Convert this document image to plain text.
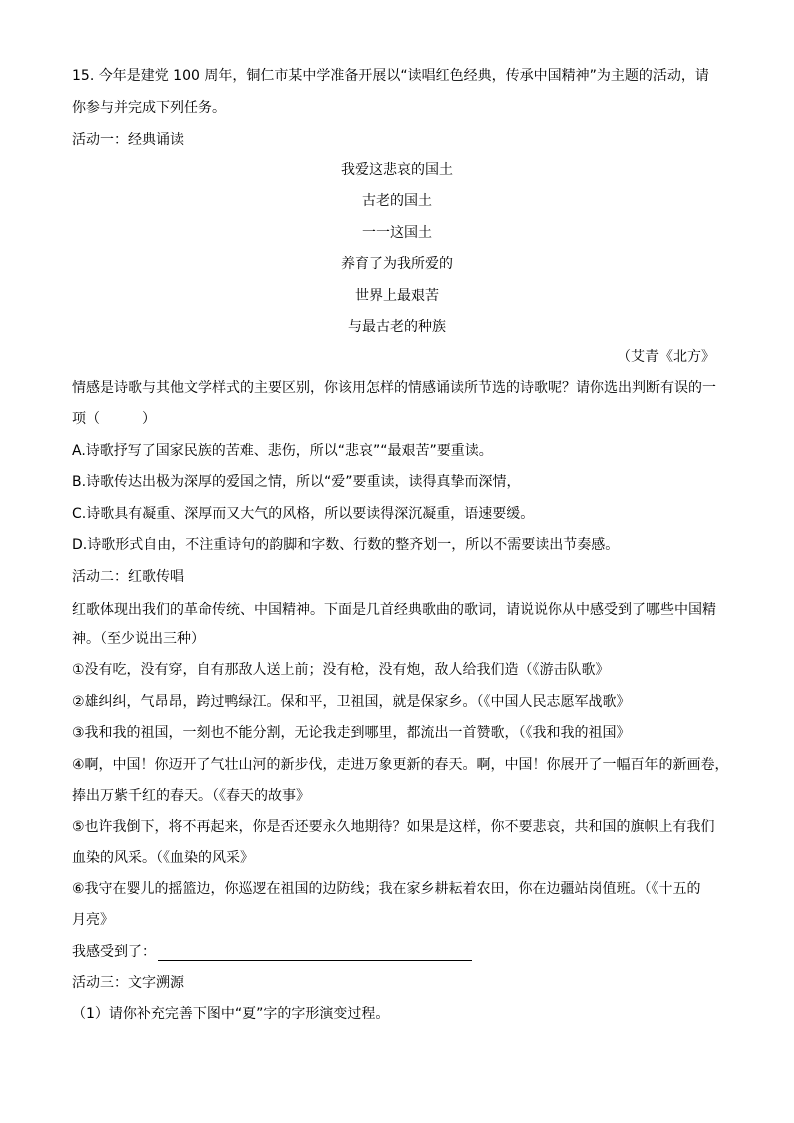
15. 今年是建党 100 周年，铜仁市某中学准备开展以“读唱红色经典，传承中国精神”为主题的活动，请
你参与并完成下列任务。
活动一：经典诵读
我爱这悲哀的国土
古老的国土
一一这国土
养育了为我所爱的
世界上最艰苦
与最古老的种族
（艾青《北方》
情感是诗歌与其他文学样式的主要区别，你该用怎样的情感诵读所节选的诗歌呢？请你选出判断有误的一
项（　　　）
A.诗歌抒写了国家民族的苦难、悲伤，所以“悲哀”“最艰苦”要重读。
B.诗歌传达出极为深厚的爱国之情，所以“爱”要重读，读得真挚而深情，
C.诗歌具有凝重、深厚而又大气的风格，所以要读得深沉凝重，语速要缓。
D.诗歌形式自由，不注重诗句的韵脚和字数、行数的整齐划一，所以不需要读出节奏感。
活动二：红歌传唱
红歌体现出我们的革命传统、中国精神。下面是几首经典歌曲的歌词，请说说你从中感受到了哪些中国精
神。（至少说出三种）
①没有吃，没有穿，自有那敌人送上前；没有枪，没有炮，敌人给我们造（《游击队歌》
②雄纠纠，气昂昂，跨过鸭绿江。保和平，卫祖国，就是保家乡。（《中国人民志愿军战歌》
③我和我的祖国，一刻也不能分割，无论我走到哪里，都流出一首赞歌，（《我和我的祖国》
④啊，中国！你迈开了气壮山河的新步伐，走进万象更新的春天。啊，中国！你展开了一幅百年的新画卷，
捧出万紫千红的春天。（《春天的故事》
⑤也许我倒下，将不再起来，你是否还要永久地期待？如果是这样，你不要悲哀，共和国的旗帜上有我们
血染的风采。（《血染的风采》
⑥我守在婴儿的摇篮边，你巡逻在祖国的边防线；我在家乡耕耘着农田，你在边疆站岗值班。（《十五的
月亮》
我感受到了：
活动三：文字溯源
（1）请你补充完善下图中“夏”字的字形演变过程。
